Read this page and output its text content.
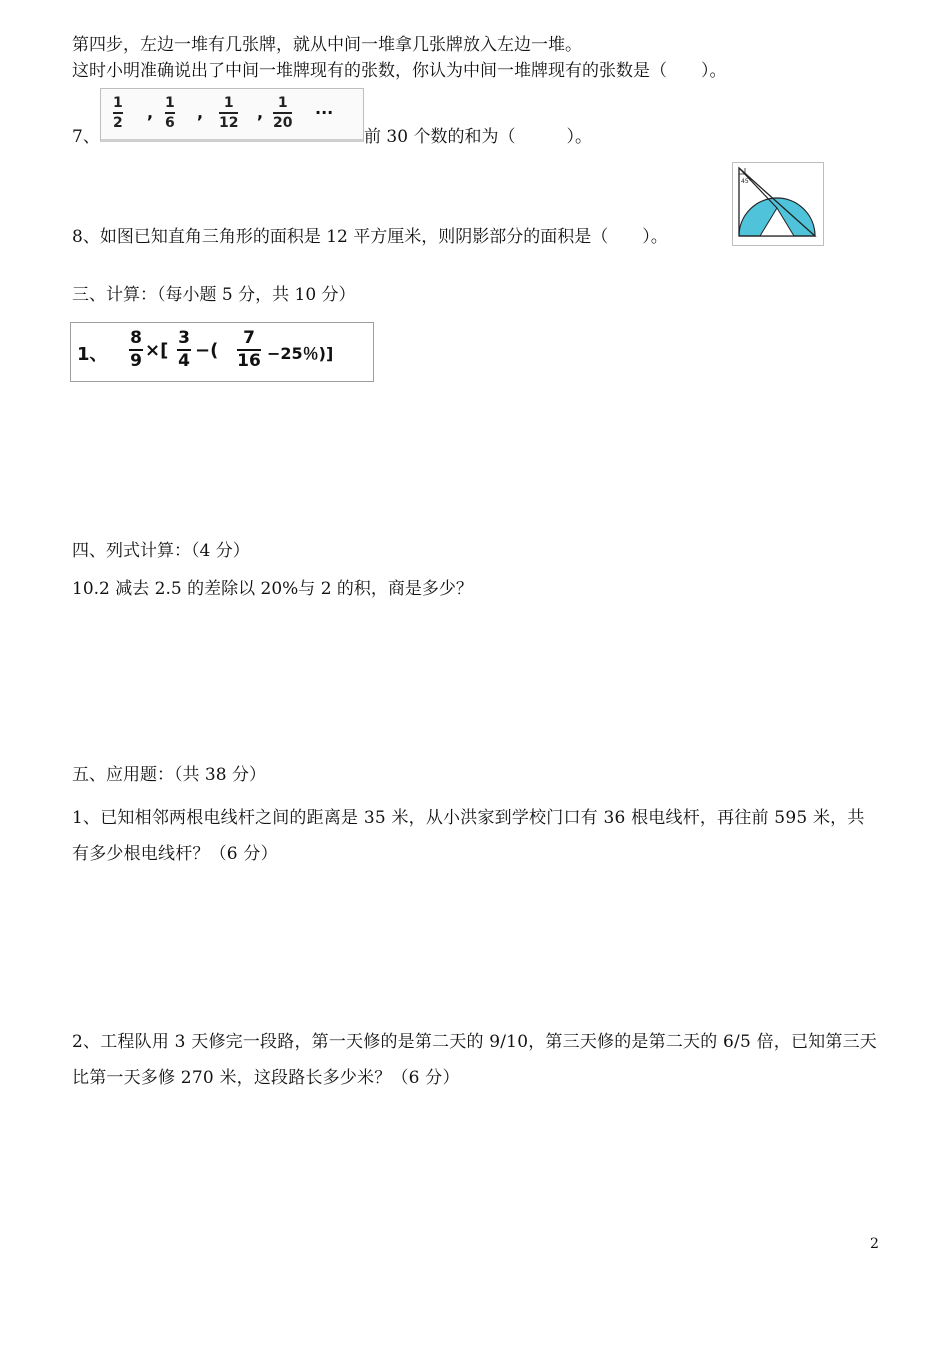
第四步，左边一堆有几张牌，就从中间一堆拿几张牌放入左边一堆。
这时小明准确说出了中间一堆牌现有的张数，你认为中间一堆牌现有的张数是（　　）。
7、
1
2
, 1
6
,	1
12
,	1
20
···
前 30 个数的和为（　　　）。
8、如图已知直角三角形的面积是 12 平方厘米，则阴影部分的面积是（　　）。
45°
三、计算：（每小题 5 分，共 10 分）
1、
8
9 ×[
3
4 −(
7
16 −25％)]
四、列式计算：（4 分）
10.2 减去 2.5 的差除以 20%与 2 的积，商是多少？
五、应用题：（共 38 分）
1、已知相邻两根电线杆之间的距离是 35 米，从小洪家到学校门口有 36 根电线杆，再往前 595 米，共有多少根电线杆？（6 分）
2、工程队用 3 天修完一段路，第一天修的是第二天的 9/10，第三天修的是第二天的 6/5 倍，已知第三天比第一天多修 270 米，这段路长多少米？（6 分）
2
